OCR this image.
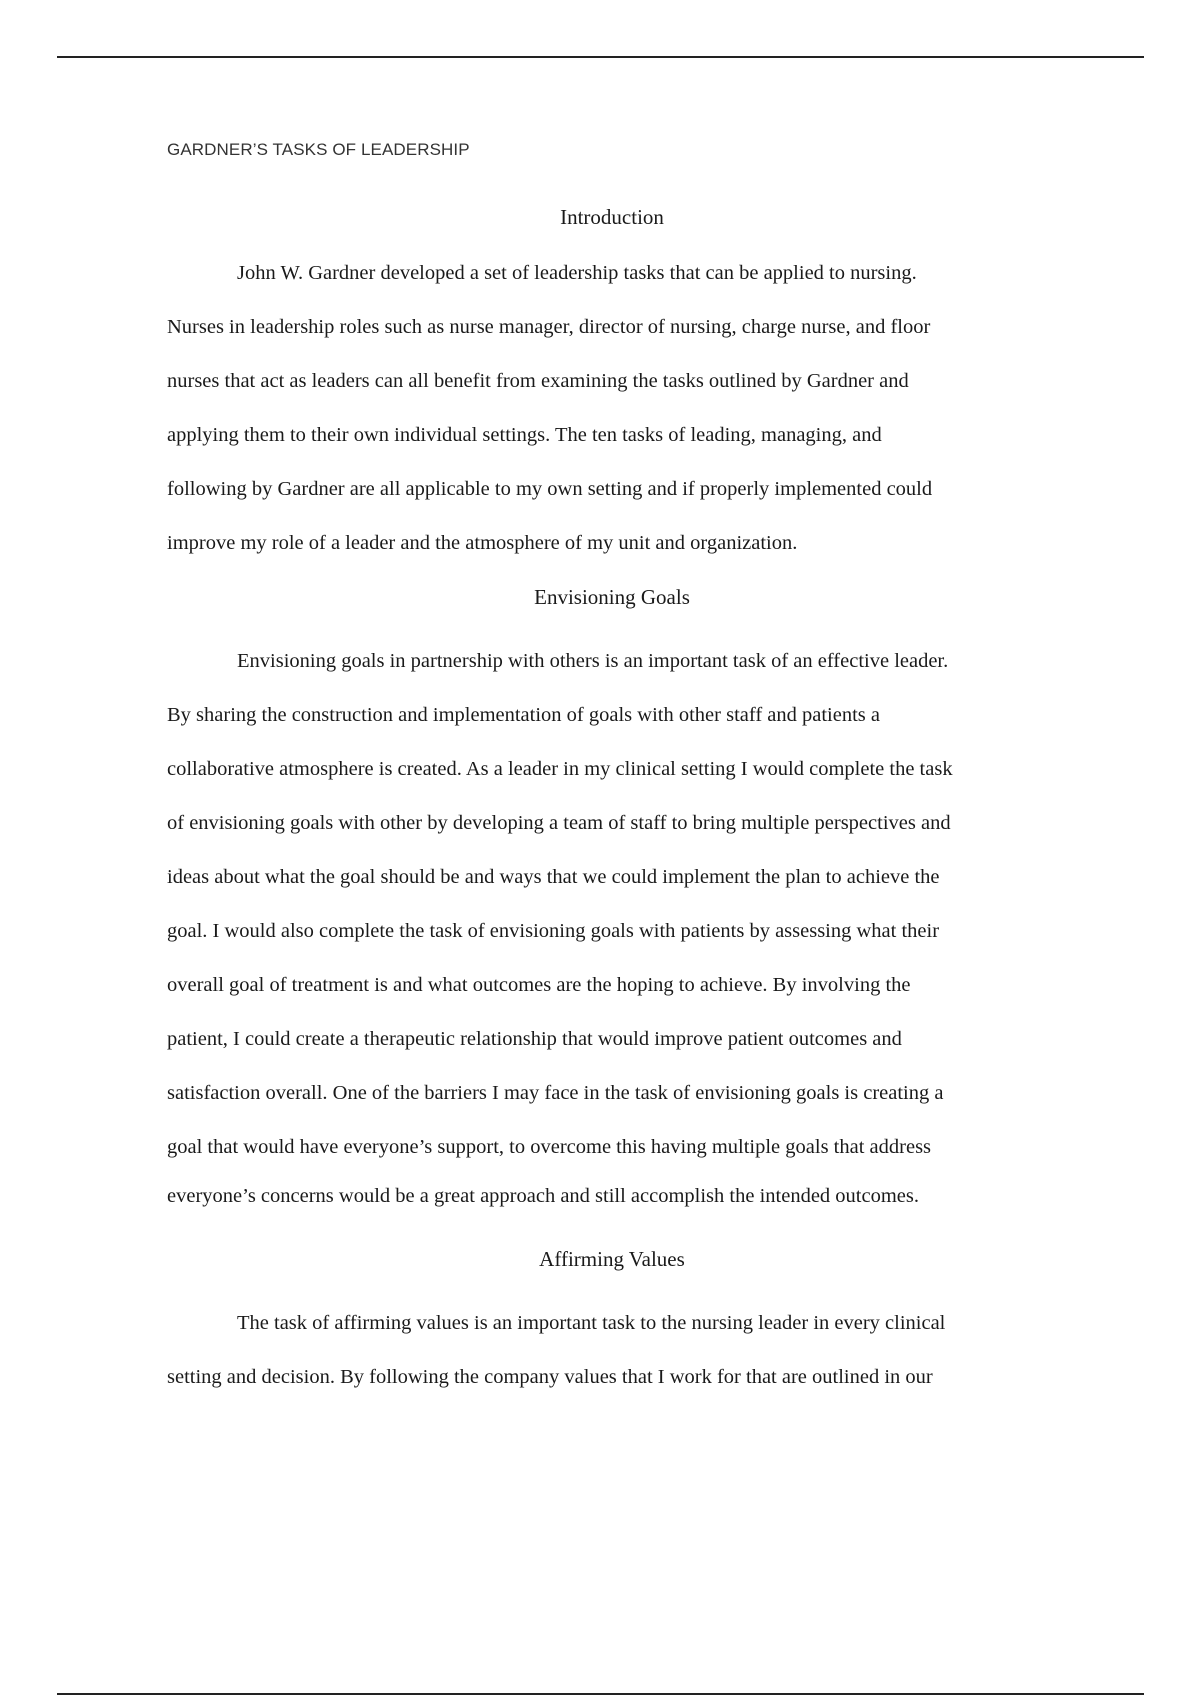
GARDNER’S TASKS OF LEADERSHIP

Introduction

John W. Gardner developed a set of leadership tasks that can be applied to nursing.
Nurses in leadership roles such as nurse manager, director of nursing, charge nurse, and floor
nurses that act as leaders can all benefit from examining the tasks outlined by Gardner and
applying them to their own individual settings. The ten tasks of leading, managing, and
following by Gardner are all applicable to my own setting and if properly implemented could
improve my role of a leader and the atmosphere of my unit and organization.

Envisioning Goals

Envisioning goals in partnership with others is an important task of an effective leader.
By sharing the construction and implementation of goals with other staff and patients a
collaborative atmosphere is created. As a leader in my clinical setting I would complete the task
of envisioning goals with other by developing a team of staff to bring multiple perspectives and
ideas about what the goal should be and ways that we could implement the plan to achieve the
goal. I would also complete the task of envisioning goals with patients by assessing what their
overall goal of treatment is and what outcomes are the hoping to achieve. By involving the
patient, I could create a therapeutic relationship that would improve patient outcomes and
satisfaction overall. One of the barriers I may face in the task of envisioning goals is creating a
goal that would have everyone’s support, to overcome this having multiple goals that address
everyone’s concerns would be a great approach and still accomplish the intended outcomes.

Affirming Values

The task of affirming values is an important task to the nursing leader in every clinical
setting and decision. By following the company values that I work for that are outlined in our
